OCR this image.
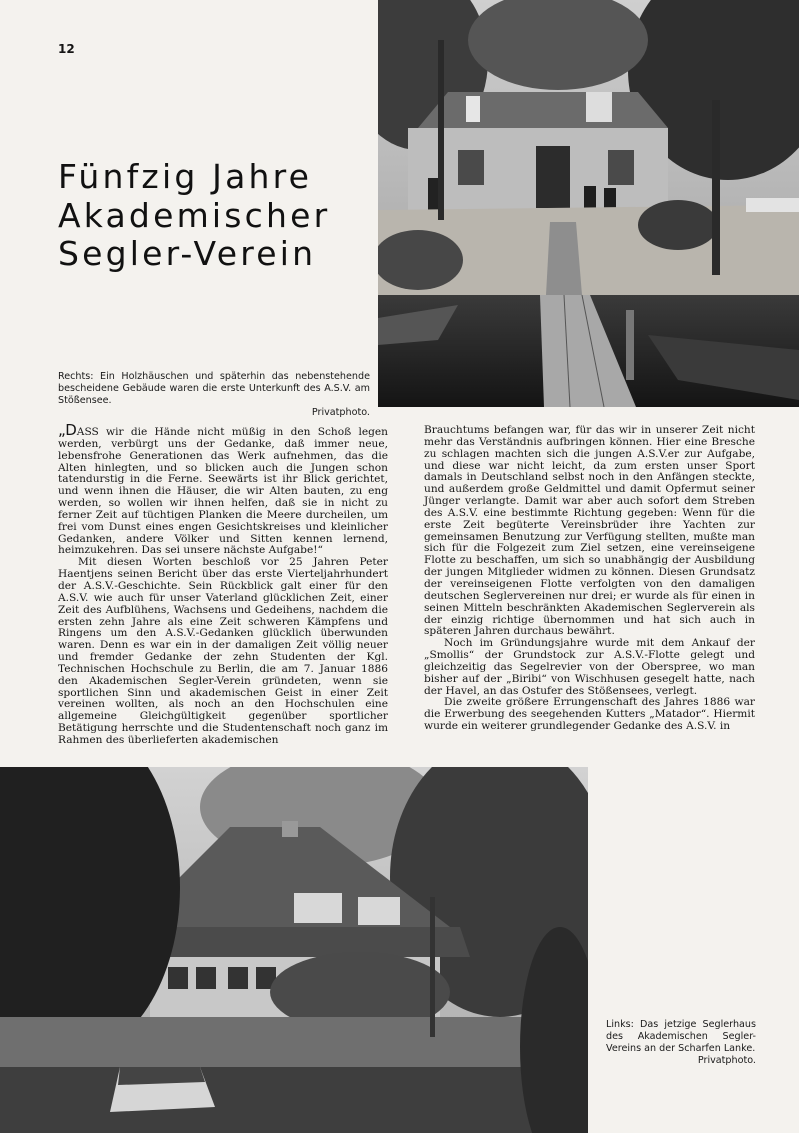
12
Fünfzig Jahre
Akademischer
Segler-Verein
Rechts: Ein Holzhäuschen und späterhin das nebenstehende bescheidene Gebäude waren die erste Unterkunft des A.S.V. am Stößensee.
Privatphoto.

„DASS wir die Hände nicht müßig in den Schoß legen werden, verbürgt uns der Gedanke, daß immer neue, lebensfrohe Generationen das Werk aufnehmen, das die Alten hinlegten, und so blicken auch die Jungen schon tatendurstig in die Ferne. Seewärts ist ihr Blick gerichtet, und wenn ihnen die Häuser, die wir Alten bauten, zu eng werden, so wollen wir ihnen helfen, daß sie in nicht zu ferner Zeit auf tüchtigen Planken die Meere durcheilen, um frei vom Dunst eines engen Gesichtskreises und kleinlicher Gedanken, andere Völker und Sitten kennen lernend, heimzukehren. Das sei unsere nächste Aufgabe!“

Mit diesen Worten beschloß vor 25 Jahren Peter Haentjens seinen Bericht über das erste Vierteljahrhundert der A.S.V.-Geschichte. Sein Rückblick galt einer für den A.S.V. wie auch für unser Vaterland glücklichen Zeit, einer Zeit des Aufblühens, Wachsens und Gedeihens, nachdem die ersten zehn Jahre als eine Zeit schweren Kämpfens und Ringens um den A.S.V.-Gedanken glücklich überwunden waren. Denn es war ein in der damaligen Zeit völlig neuer und fremder Gedanke der zehn Studenten der Kgl. Technischen Hochschule zu Berlin, die am 7. Januar 1886 den Akademischen Segler-Verein gründeten, wenn sie sportlichen Sinn und akademischen Geist in einer Zeit vereinen wollten, als noch an den Hochschulen eine allgemeine Gleichgültigkeit gegenüber sportlicher Betätigung herrschte und die Studentenschaft noch ganz im Rahmen des überlieferten akademischen

Brauchtums befangen war, für das wir in unserer Zeit nicht mehr das Verständnis aufbringen können. Hier eine Bresche zu schlagen machten sich die jungen A.S.V.er zur Aufgabe, und diese war nicht leicht, da zum ersten unser Sport damals in Deutschland selbst noch in den Anfängen steckte, und außerdem große Geldmittel und damit Opfermut seiner Jünger verlangte. Damit war aber auch sofort dem Streben des A.S.V. eine bestimmte Richtung gegeben: Wenn für die erste Zeit begüterte Vereinsbrüder ihre Yachten zur gemeinsamen Benutzung zur Verfügung stellten, mußte man sich für die Folgezeit zum Ziel setzen, eine vereinseigene Flotte zu beschaffen, um sich so unabhängig der Ausbildung der jungen Mitglieder widmen zu können. Diesen Grundsatz der vereinseigenen Flotte verfolgten von den damaligen deutschen Seglervereinen nur drei; er wurde als für einen in seinen Mitteln beschränkten Akademischen Seglerverein als der einzig richtige übernommen und hat sich auch in späteren Jahren durchaus bewährt.

Noch im Gründungsjahre wurde mit dem Ankauf der „Smollis“ der Grundstock zur A.S.V.-Flotte gelegt und gleichzeitig das Segelrevier von der Oberspree, wo man bisher auf der „Biribi“ von Wischhusen gesegelt hatte, nach der Havel, an das Ostufer des Stößensees, verlegt.

Die zweite größere Errungenschaft des Jahres 1886 war die Erwerbung des seegehenden Kutters „Matador“. Hiermit wurde ein weiterer grundlegender Gedanke des A.S.V. in

Links: Das jetzige Seglerhaus des Akademischen Segler-Vereins an der Scharfen Lanke.
Privatphoto.
